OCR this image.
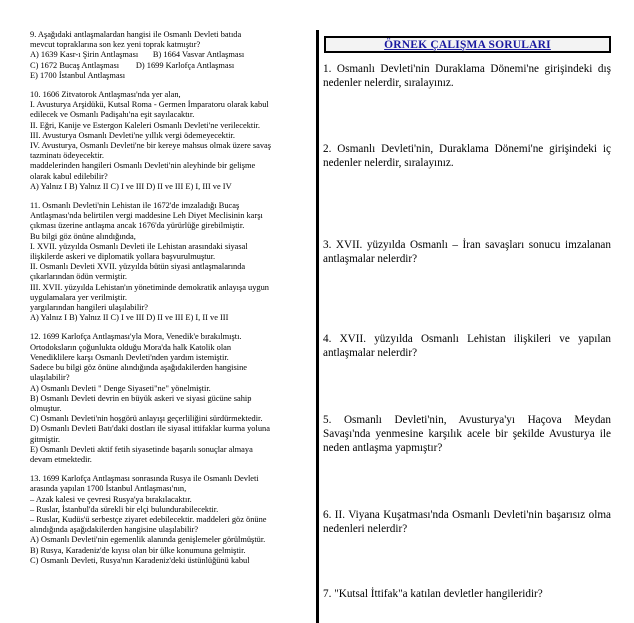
9. Aşağıdaki antlaşmalardan hangisi ile Osmanlı Devleti batıda
mevcut topraklarına son kez yeni toprak katmıştır?
A) 1639 Kasr-ı Şirin Antlaşması       B) 1664 Vasvar Antlaşması
C) 1672 Bucaş Antlaşması        D) 1699 Karlofça Antlaşması
E) 1700 İstanbul Antlaşması
10. 1606 Zitvatorok Antlaşması'nda yer alan,
I. Avusturya Arşidükü, Kutsal Roma - Germen İmparatoru olarak kabul
edilecek ve Osmanlı Padişahı'na eşit sayılacaktır.
II. Eğri, Kanije ve Estergon Kaleleri Osmanlı Devleti'ne verilecektir.
III. Avusturya Osmanlı Devleti'ne yıllık vergi ödemeyecektir.
IV. Avusturya, Osmanlı Devleti'ne bir kereye mahsus olmak üzere savaş
tazminatı ödeyecektir.
maddelerinden hangileri Osmanlı Devleti'nin aleyhinde bir gelişme
olarak kabul edilebilir?
A) Yalnız I B) Yalnız II C) I ve III D) II ve III E) I, III ve IV
11. Osmanlı Devleti'nin Lehistan ile 1672'de imzaladığı Bucaş
Antlaşması'nda belirtilen vergi maddesine Leh Diyet Meclisinin karşı
çıkması üzerine antlaşma ancak 1676'da yürürlüğe girebilmiştir.
Bu bilgi göz önüne alındığında,
I. XVII. yüzyılda Osmanlı Devleti ile Lehistan arasındaki siyasal
ilişkilerde askeri ve diplomatik yollara başvurulmuştur.
II. Osmanlı Devleti XVII. yüzyılda bütün siyasi antlaşmalarında
çıkarlarından ödün vermiştir.
III. XVII. yüzyılda Lehistan'ın yönetiminde demokratik anlayışa uygun
uygulamalara yer verilmiştir.
yargılarından hangileri ulaşılabilir?
A) Yalnız I B) Yalnız II C) I ve III D) II ve III E) I, II ve III
12. 1699 Karlofça Antlaşması'yla Mora, Venedik'e bırakılmıştı.
Ortodoksların çoğunlukta olduğu Mora'da halk Katolik olan
Venediklilere karşı Osmanlı Devleti'nden yardım istemiştir.
Sadece bu bilgi göz önüne alındığında aşağıdakilerden hangisine
ulaşılabilir?
A) Osmanlı Devleti " Denge Siyaseti"ne" yönelmiştir.
B) Osmanlı Devleti devrin en büyük askeri ve siyasi gücüne sahip
olmuştur.
C) Osmanlı Devleti'nin hoşgörü anlayışı geçerliliğini sürdürmektedir.
D) Osmanlı Devleti Batı'daki dostları ile siyasal ittifaklar kurma yoluna
gitmiştir.
E) Osmanlı Devleti aktif fetih siyasetinde başarılı sonuçlar almaya
devam etmektedir.
13. 1699 Karlofça Antlaşması sonrasında Rusya ile Osmanlı Devleti
arasında yapılan 1700 İstanbul Antlaşması'nın,
– Azak kalesi ve çevresi Rusya'ya bırakılacaktır.
– Ruslar, İstanbul'da sürekli bir elçi bulundurabilecektir.
– Ruslar, Kudüs'ü serbestçe ziyaret edebilecektir. maddeleri göz önüne
alındığında aşağıdakilerden hangisine ulaşılabilir?
A) Osmanlı Devleti'nin egemenlik alanında genişlemeler görülmüştür.
B) Rusya, Karadeniz'de kıyısı olan bir ülke konumuna gelmiştir.
C) Osmanlı Devleti, Rusya'nın Karadeniz'deki üstünlüğünü kabul
ÖRNEK ÇALIŞMA SORULARI
1. Osmanlı Devleti'nin Duraklama Dönemi'ne girişindeki dış nedenler nelerdir, sıralayınız.
2. Osmanlı Devleti'nin, Duraklama Dönemi'ne girişindeki iç nedenler nelerdir, sıralayınız.
3. XVII. yüzyılda Osmanlı – İran savaşları sonucu imzalanan antlaşmalar nelerdir?
4. XVII. yüzyılda Osmanlı Lehistan ilişkileri ve yapılan antlaşmalar nelerdir?
5. Osmanlı Devleti'nin, Avusturya'yı Haçova Meydan Savaşı'nda yenmesine karşılık acele bir şekilde Avusturya ile neden antlaşma yapmıştır?
6. II. Viyana Kuşatması'nda Osmanlı Devleti'nin başarısız olma nedenleri nelerdir?
7. "Kutsal İttifak"a katılan devletler hangileridir?
